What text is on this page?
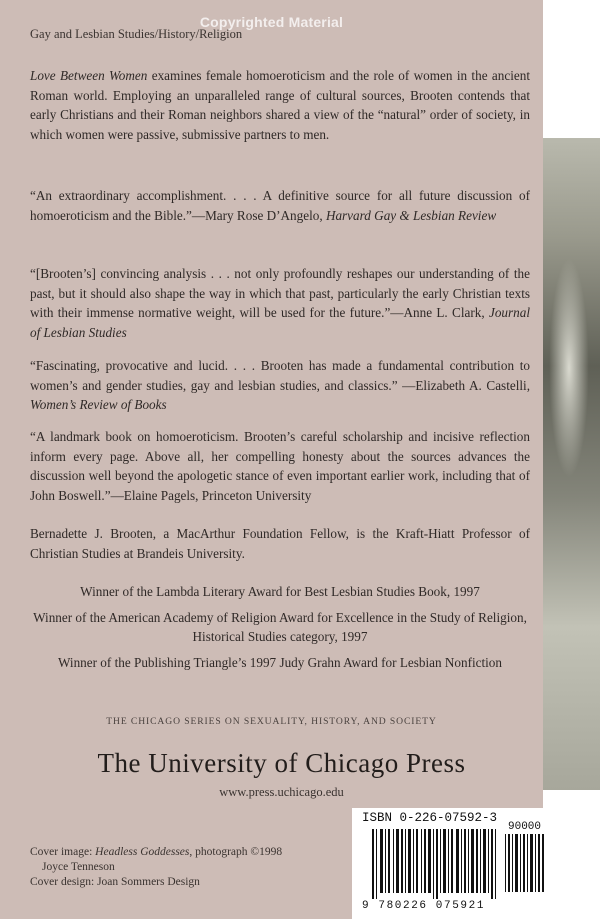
Copyrighted Material
Gay and Lesbian Studies/History/Religion
Love Between Women examines female homoeroticism and the role of women in the ancient Roman world. Employing an unparalleled range of cultural sources, Brooten contends that early Christians and their Roman neighbors shared a view of the “natural” order of society, in which women were passive, submissive partners to men.
“An extraordinary accomplishment. . . . A definitive source for all future discussion of homoeroticism and the Bible.”—Mary Rose D’Angelo, Harvard Gay & Lesbian Review
“[Brooten’s] convincing analysis . . . not only profoundly reshapes our understanding of the past, but it should also shape the way in which that past, particularly the early Christian texts with their immense normative weight, will be used for the future.”—Anne L. Clark, Journal of Lesbian Studies
“Fascinating, provocative and lucid. . . . Brooten has made a fundamental contribution to women’s and gender studies, gay and lesbian studies, and classics.” —Elizabeth A. Castelli, Women’s Review of Books
“A landmark book on homoeroticism. Brooten’s careful scholarship and incisive reflection inform every page. Above all, her compelling honesty about the sources advances the discussion well beyond the apologetic stance of even important earlier work, including that of John Boswell.”—Elaine Pagels, Princeton University
Bernadette J. Brooten, a MacArthur Foundation Fellow, is the Kraft-Hiatt Professor of Christian Studies at Brandeis University.
Winner of the Lambda Literary Award for Best Lesbian Studies Book, 1997
Winner of the American Academy of Religion Award for Excellence in the Study of Religion, Historical Studies category, 1997
Winner of the Publishing Triangle’s 1997 Judy Grahn Award for Lesbian Nonfiction
THE CHICAGO SERIES ON SEXUALITY, HISTORY, AND SOCIETY
The University of Chicago Press
www.press.uchicago.edu
Cover image: Headless Goddesses, photograph ©1998
Joyce Tenneson
Cover design: Joan Sommers Design
ISBN 0-226-07592-3
90000
9 780226 075921
